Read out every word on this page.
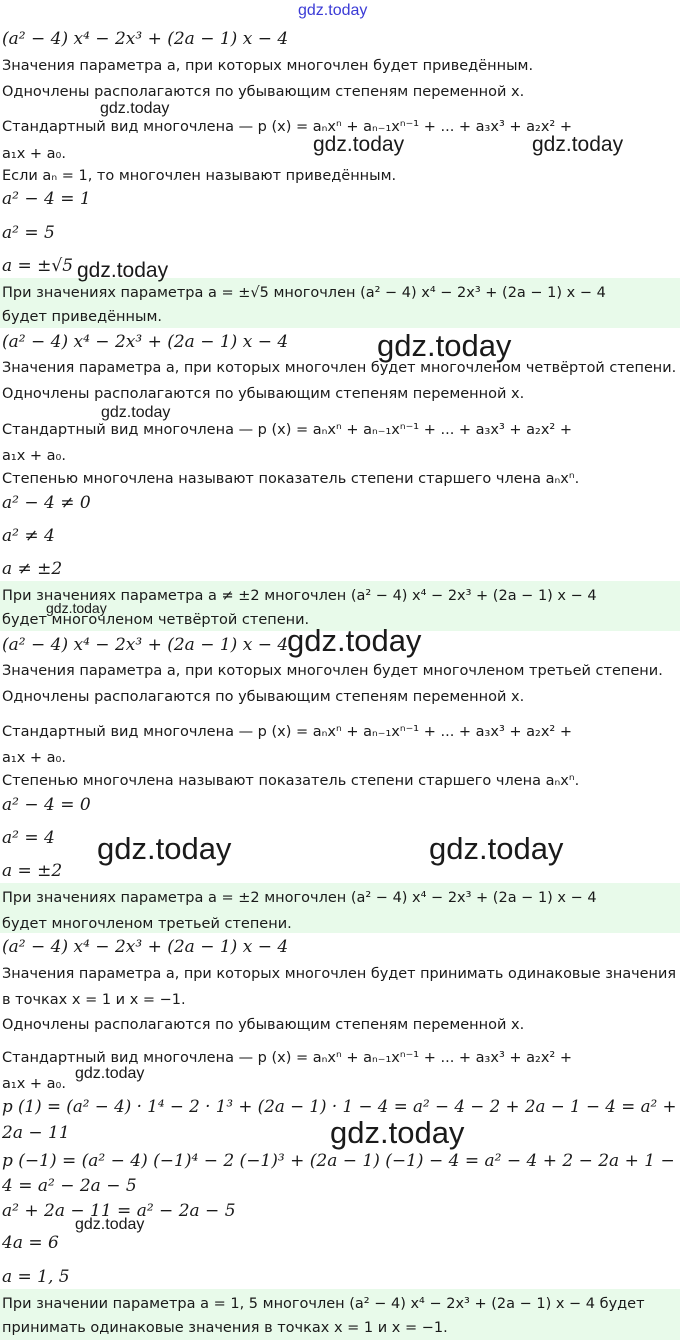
gdz.today
(a² − 4) x⁴ − 2x³ + (2a − 1) x − 4
Значения параметра a, при которых многочлен будет приведённым.
Одночлены располагаются по убывающим степеням переменной x.
Стандартный вид многочлена — p (x) = aₙxⁿ + aₙ₋₁xⁿ⁻¹ + ... + a₃x³ + a₂x² +
a₁x + a₀.
Если aₙ = 1, то многочлен называют приведённым.
a² − 4 = 1
a² = 5
a = ±√5
При значениях параметра a = ±√5 многочлен (a² − 4) x⁴ − 2x³ + (2a − 1) x − 4
будет приведённым.
(a² − 4) x⁴ − 2x³ + (2a − 1) x − 4
Значения параметра a, при которых многочлен будет многочленом четвёртой степени.
Одночлены располагаются по убывающим степеням переменной x.
Стандартный вид многочлена — p (x) = aₙxⁿ + aₙ₋₁xⁿ⁻¹ + ... + a₃x³ + a₂x² +
a₁x + a₀.
Степенью многочлена называют показатель степени старшего члена aₙxⁿ.
a² − 4 ≠ 0
a² ≠ 4
a ≠ ±2
При значениях параметра a ≠ ±2 многочлен (a² − 4) x⁴ − 2x³ + (2a − 1) x − 4
будет многочленом четвёртой степени.
(a² − 4) x⁴ − 2x³ + (2a − 1) x − 4
Значения параметра a, при которых многочлен будет многочленом третьей степени.
Одночлены располагаются по убывающим степеням переменной x.
Стандартный вид многочлена — p (x) = aₙxⁿ + aₙ₋₁xⁿ⁻¹ + ... + a₃x³ + a₂x² +
a₁x + a₀.
Степенью многочлена называют показатель степени старшего члена aₙxⁿ.
a² − 4 = 0
a² = 4
a = ±2
При значениях параметра a = ±2 многочлен (a² − 4) x⁴ − 2x³ + (2a − 1) x − 4
будет многочленом третьей степени.
(a² − 4) x⁴ − 2x³ + (2a − 1) x − 4
Значения параметра a, при которых многочлен будет принимать одинаковые значения
в точках x = 1 и x = −1.
Одночлены располагаются по убывающим степеням переменной x.
Стандартный вид многочлена — p (x) = aₙxⁿ + aₙ₋₁xⁿ⁻¹ + ... + a₃x³ + a₂x² +
a₁x + a₀.
p (1) = (a² − 4) · 1⁴ − 2 · 1³ + (2a − 1) · 1 − 4 = a² − 4 − 2 + 2a − 1 − 4 = a² +
2a − 11
p (−1) = (a² − 4) (−1)⁴ − 2 (−1)³ + (2a − 1) (−1) − 4 = a² − 4 + 2 − 2a + 1 −
4 = a² − 2a − 5
a² + 2a − 11 = a² − 2a − 5
4a = 6
a = 1, 5
При значении параметра a = 1, 5 многочлен (a² − 4) x⁴ − 2x³ + (2a − 1) x − 4 будет
принимать одинаковые значения в точках x = 1 и x = −1.
gdz.today
gdz.today	gdz.today
gdz.today
gdz.today
gdz.today
gdz.today
gdz.today
gdz.today	gdz.today
gdz.today
gdz.today
gdz.today
